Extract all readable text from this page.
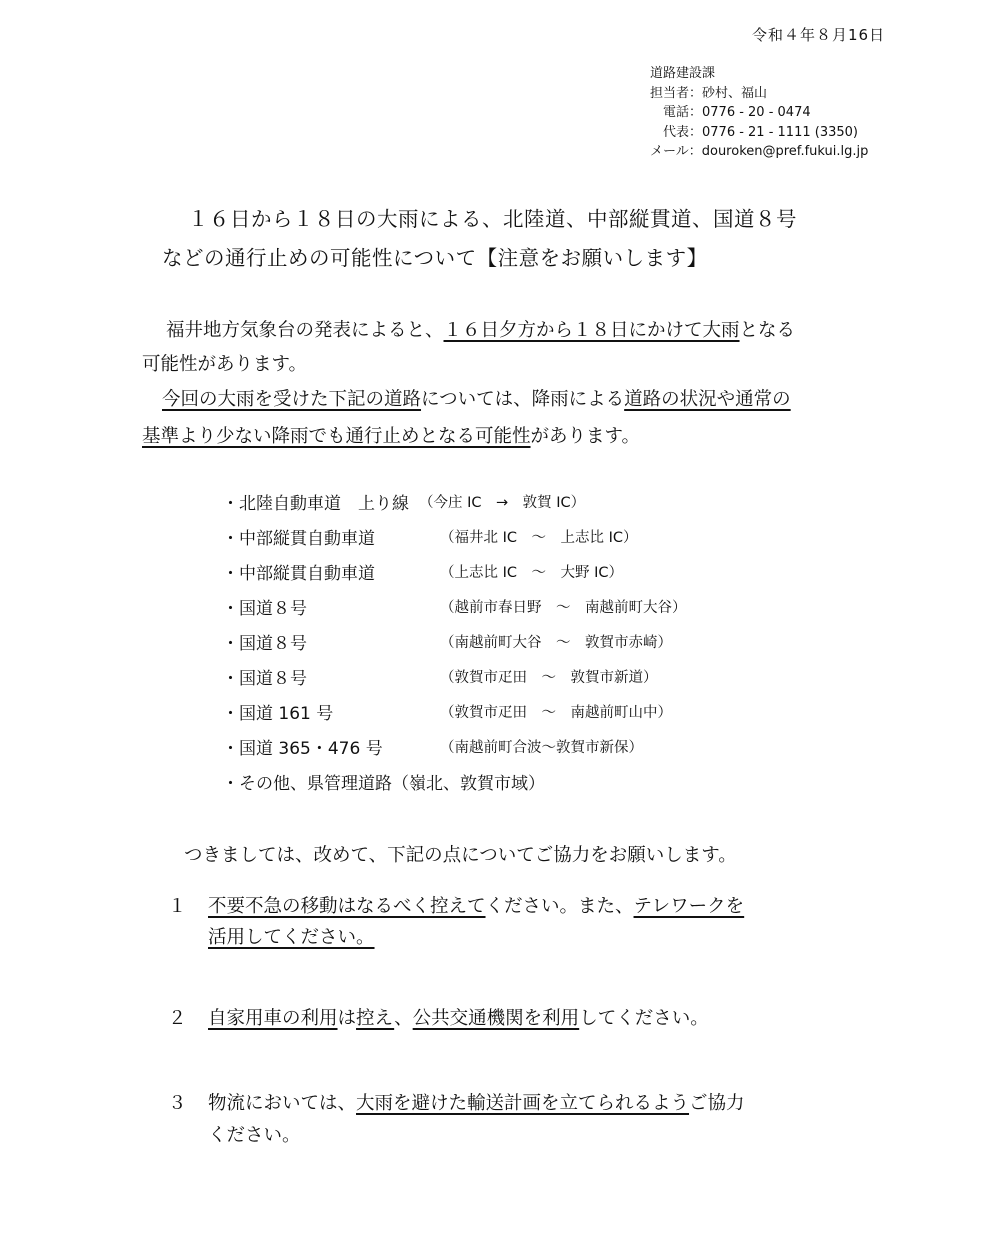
令和４年８月16日
道路建設課
担当者：砂村、福山
　電話：0776 - 20 - 0474
　代表：0776 - 21 - 1111 (3350)
メール：douroken@pref.fukui.lg.jp
１６日から１８日の大雨による、北陸道、中部縦貫道、国道８号
などの通行止めの可能性について【注意をお願いします】
福井地方気象台の発表によると、１６日夕方から１８日にかけて大雨となる
可能性があります。
今回の大雨を受けた下記の道路については、降雨による道路の状況や通常の
基準より少ない降雨でも通行止めとなる可能性があります。
・北陸自動車道　上り線 （今庄 IC　→　敦賀 IC）
・中部縦貫自動車道	（福井北 IC　～　上志比 IC）
・中部縦貫自動車道	（上志比 IC　～　大野 IC）
・国道８号	（越前市春日野　～　南越前町大谷）
・国道８号	（南越前町大谷　～　敦賀市赤崎）
・国道８号	（敦賀市疋田　～　敦賀市新道）
・国道 161 号	（敦賀市疋田　～　南越前町山中）
・国道 365・476 号	（南越前町合波～敦賀市新保）
・その他、県管理道路（嶺北、敦賀市域）
つきましては、改めて、下記の点についてご協力をお願いします。
１ 不要不急の移動はなるべく控えてください。また、テレワークを
活用してください。
２ 自家用車の利用は控え、公共交通機関を利用してください。
３ 物流においては、大雨を避けた輸送計画を立てられるようご協力
ください。
